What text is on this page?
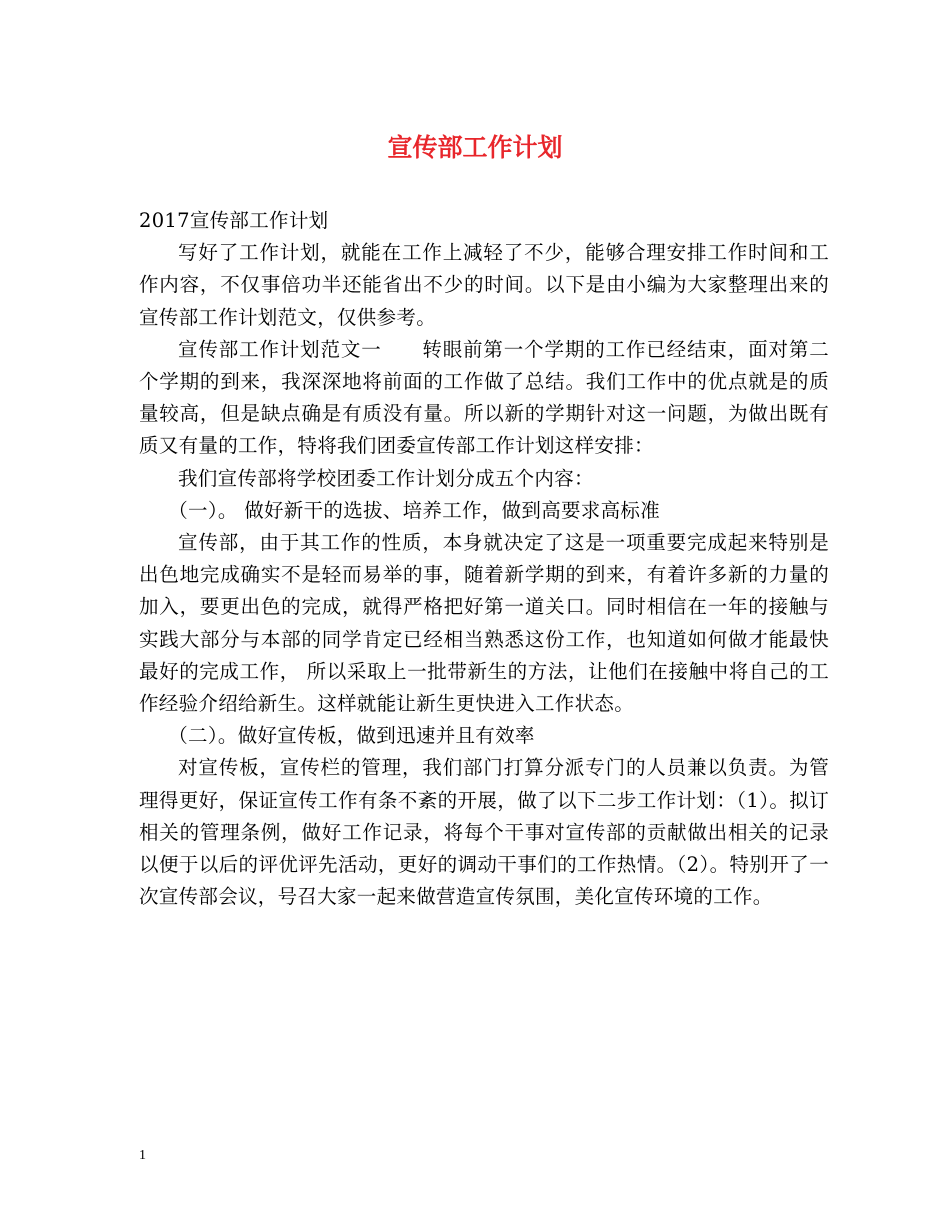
宣传部工作计划

2017宣传部工作计划

写好了工作计划，就能在工作上减轻了不少，能够合理安排工作时间和工作内容，不仅事倍功半还能省出不少的时间。以下是由小编为大家整理出来的宣传部工作计划范文，仅供参考。

宣传部工作计划范文一　　转眼前第一个学期的工作已经结束，面对第二个学期的到来，我深深地将前面的工作做了总结。我们工作中的优点就是的质量较高，但是缺点确是有质没有量。所以新的学期针对这一问题，为做出既有质又有量的工作，特将我们团委宣传部工作计划这样安排：

我们宣传部将学校团委工作计划分成五个内容：

（一）。 做好新干的选拔、培养工作，做到高要求高标准

宣传部，由于其工作的性质，本身就决定了这是一项重要完成起来特别是出色地完成确实不是轻而易举的事，随着新学期的到来，有着许多新的力量的加入，要更出色的完成，就得严格把好第一道关口。同时相信在一年的接触与实践大部分与本部的同学肯定已经相当熟悉这份工作，也知道如何做才能最快最好的完成工作， 所以采取上一批带新生的方法，让他们在接触中将自己的工作经验介绍给新生。这样就能让新生更快进入工作状态。

（二）。做好宣传板，做到迅速并且有效率

对宣传板，宣传栏的管理，我们部门打算分派专门的人员兼以负责。为管理得更好，保证宣传工作有条不紊的开展，做了以下二步工作计划：（1）。拟订相关的管理条例，做好工作记录，将每个干事对宣传部的贡献做出相关的记录以便于以后的评优评先活动，更好的调动干事们的工作热情。（2）。特别开了一次宣传部会议，号召大家一起来做营造宣传氛围，美化宣传环境的工作。

1
